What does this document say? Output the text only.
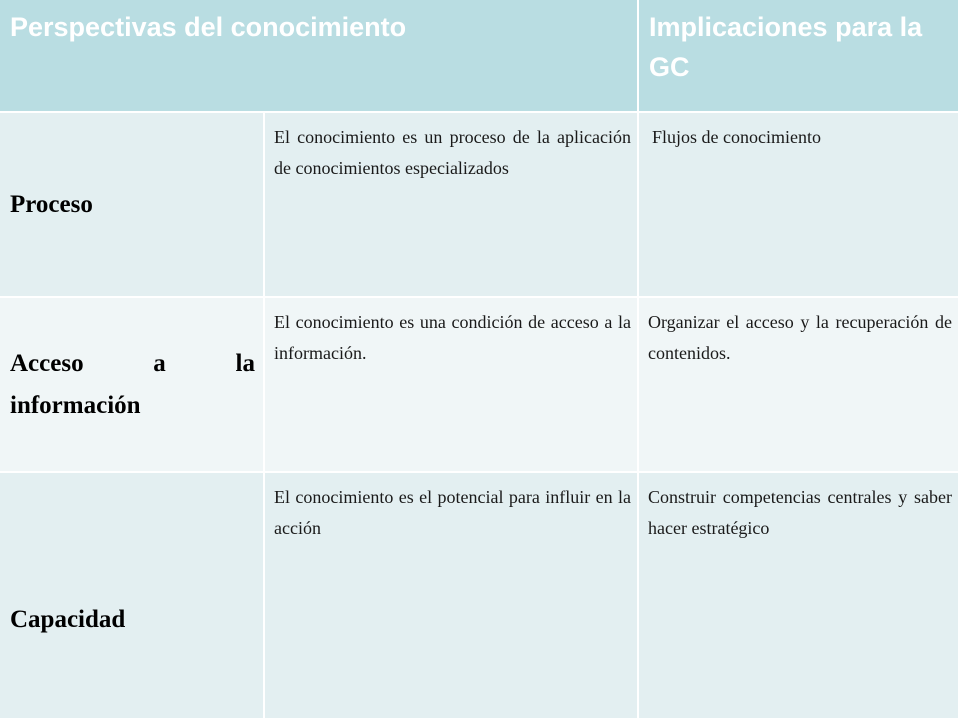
Perspectivas del conocimiento	Implicaciones para la GC
Proceso
El conocimiento es un proceso de la aplicación de conocimientos especializados
Flujos de conocimiento
Acceso a la información
El conocimiento es una condición de acceso a la información.
Organizar el acceso y la recuperación de contenidos.
Capacidad
El conocimiento es el potencial para influir en la acción
Construir competencias centrales y saber hacer estratégico
